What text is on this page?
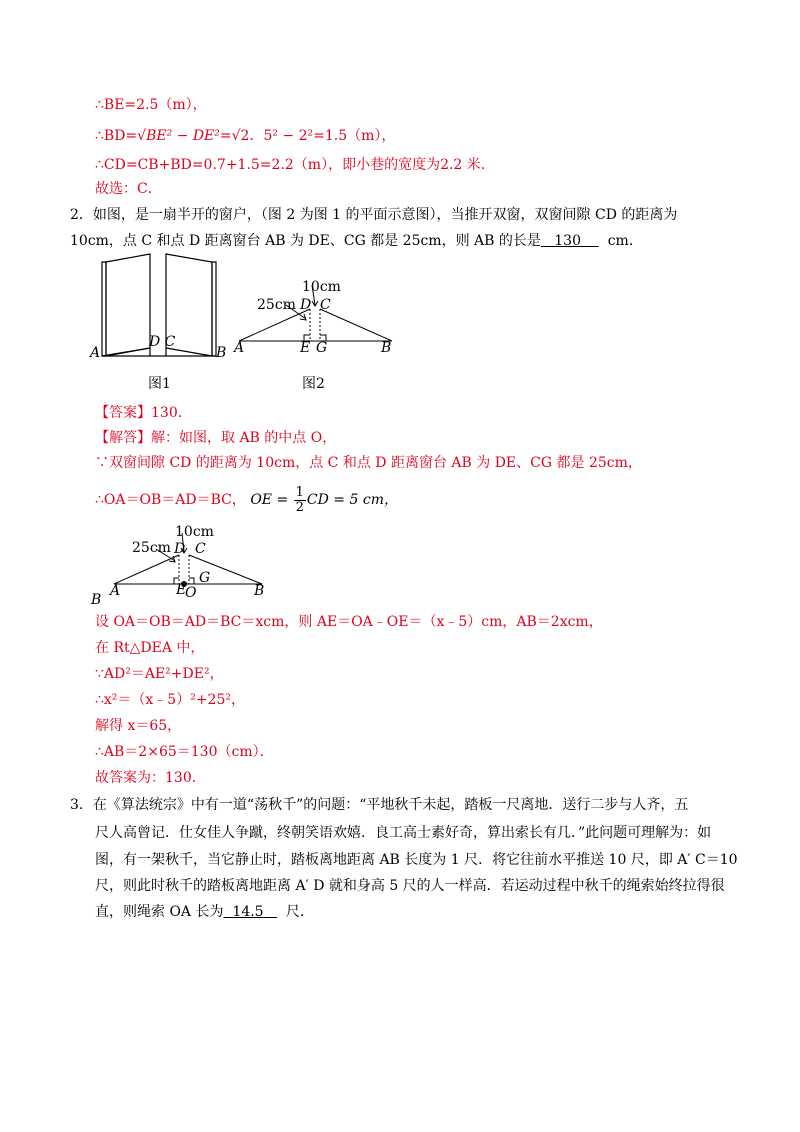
∴BE=2.5（m），
∴BD=√BE² − DE²=√2．5² − 2²=1.5（m），
∴CD=CB+BD=0.7+1.5=2.2（m），即小巷的宽度为2.2 米．
故选：C．
2．如图，是一扇半开的窗户，（图 2 为图 1 的平面示意图），当推开双窗，双窗间隙 CD 的距离为
10cm，点 C 和点 D 距离窗台 AB 为 DE、CG 都是 25cm，则 AB 的长是 130 cm．
A
D C
B
图1
10cm
25cm D C
A	E G	B
图2
【答案】130．
【解答】解：如图，取 AB 的中点 O，
∵双窗间隙 CD 的距离为 10cm，点 C 和点 D 距离窗台 AB 为 DE、CG 都是 25cm，
∴OA＝OB＝AD＝BC， OE = $\frac{1}{2}$ CD = 5 cm，
10cm
25cm D C
A	E
O
G
B
B
设 OA＝OB＝AD＝BC＝xcm，则 AE＝OA﹣OE＝（x﹣5）cm，AB＝2xcm，
在 Rt△DEA 中，
∵AD²＝AE²+DE²，
∴x²＝（x﹣5）²+25²，
解得 x＝65，
∴AB＝2×65＝130（cm）．
故答案为：130．
3．在《算法统宗》中有一道“荡秋千”的问题：“平地秋千未起，踏板一尺离地．送行二步与人齐，五
尺人高曾记．仕女佳人争蹴，终朝笑语欢嬉．良工高士素好奇，算出索长有几．”此问题可理解为：如
图，有一架秋千，当它静止时，踏板离地距离 AB 长度为 1 尺．将它往前水平推送 10 尺，即 A′ C＝10
尺，则此时秋千的踏板离地距离 A′ D 就和身高 5 尺的人一样高．若运动过程中秋千的绳索始终拉得很
直，则绳索 OA 长为 14.5 尺．
